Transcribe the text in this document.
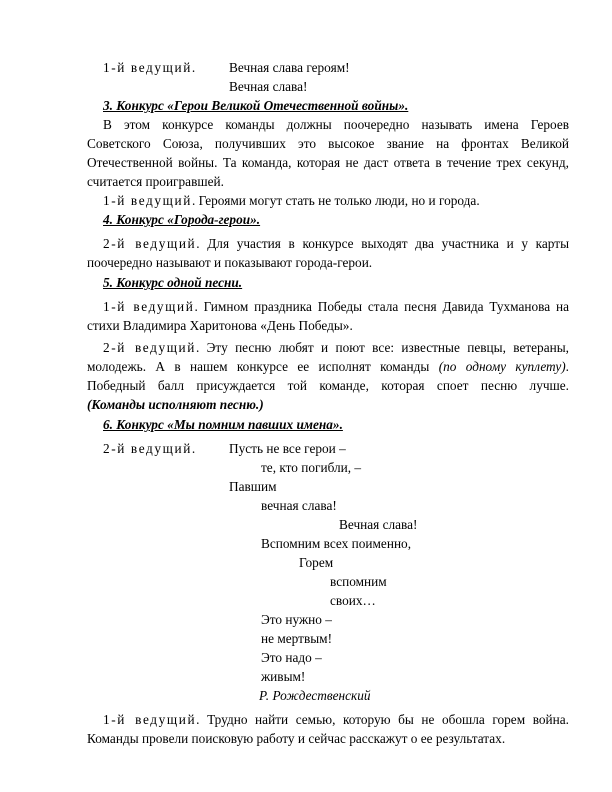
1-й ведущий. Вечная слава героям!
Вечная слава!
3. Конкурс «Герои Великой Отечественной войны».
В этом конкурсе команды должны поочередно называть имена Героев
Советского Союза, получивших это высокое звание на фронтах Великой
Отечественной войны. Та команда, которая не даст ответа в течение трех секунд,
считается проигравшей.
1-й ведущий. Героями могут стать не только люди, но и города.
4. Конкурс «Города-герои».
2-й ведущий. Для участия в конкурсе выходят два участника и у карты
поочередно называют и показывают города-герои.
5. Конкурс одной песни.
1-й ведущий. Гимном праздника Победы стала песня Давида Тухманова на
стихи Владимира Харитонова «День Победы».
2-й ведущий. Эту песню любят и поют все: известные певцы, ветераны,
молодежь. А в нашем конкурсе ее исполнят команды (по одному куплету).
Победный балл присуждается той команде, которая споет песню лучше.
(Команды исполняют песню.)
6. Конкурс «Мы помним павших имена».
2-й ведущий. Пусть не все герои –
те, кто погибли, –
Павшим
вечная слава!
Вечная слава!
Вспомним всех поименно,
Горем
вспомним
своих…
Это нужно –
не мертвым!
Это надо –
живым!
Р. Рождественский
1-й ведущий. Трудно найти семью, которую бы не обошла горем война.
Команды провели поисковую работу и сейчас расскажут о ее результатах.
